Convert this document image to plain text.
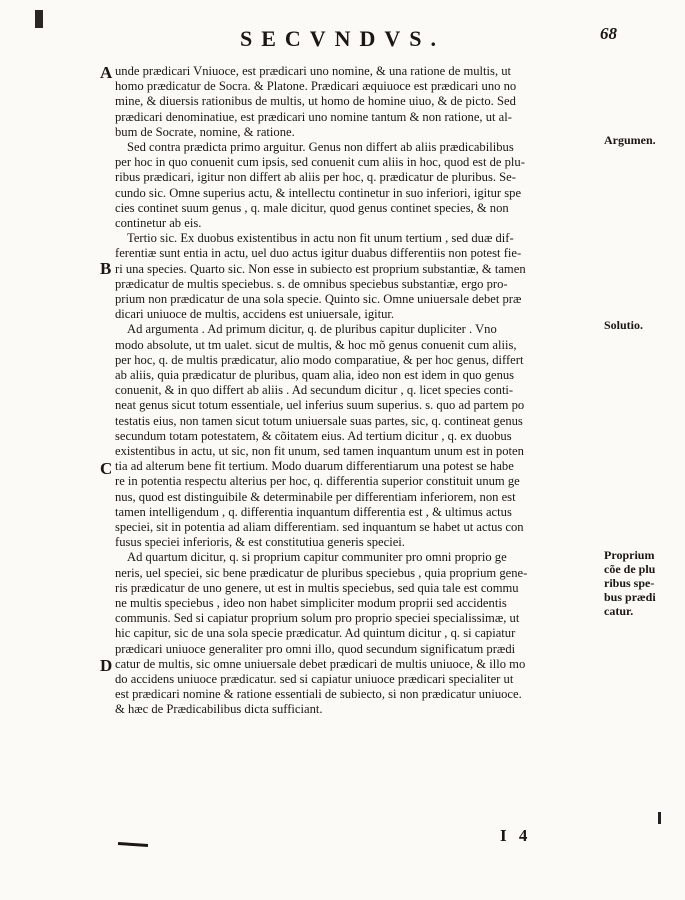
SECVNDVS.	68
A
B
C
D
Argumen.
Solutio.
Proprium
cõe de plu
ribus spe-
bus prædi
catur.
unde prædicari Vniuoce, est prædicari uno nomine, & una ratione de multis, ut
homo prædicatur de Socra. & Platone. Prædicari æquiuoce est prædicari uno no
mine, & diuersis rationibus de multis, ut homo de homine uiuo, & de picto. Sed
prædicari denominatiue, est prædicari uno nomine tantum & non ratione, ut al-
bum de Socrate, nomine, & ratione.
Sed contra prædicta primo arguitur. Genus non differt ab aliis prædicabilibus
per hoc in quo conuenit cum ipsis, sed conuenit cum aliis in hoc, quod est de plu-
ribus prædicari, igitur non differt ab aliis per hoc, q. prædicatur de pluribus. Se-
cundo sic. Omne superius actu, & intellectu continetur in suo inferiori, igitur spe
cies continet suum genus , q. male dicitur, quod genus continet species, & non
continetur ab eis.
Tertio sic. Ex duobus existentibus in actu non fit unum tertium , sed duæ dif-
ferentiæ sunt entia in actu, uel duo actus igitur duabus differentiis non potest fie-
ri una species. Quarto sic. Non esse in subiecto est proprium substantiæ, & tamen
prædicatur de multis speciebus. s. de omnibus speciebus substantiæ, ergo pro-
prium non prædicatur de una sola specie. Quinto sic. Omne uniuersale debet præ
dicari uniuoce de multis, accidens est uniuersale, igitur.
Ad argumenta . Ad primum dicitur, q. de pluribus capitur dupliciter . Vno
modo absolute, ut tm ualet. sicut de multis, & hoc mõ genus conuenit cum aliis,
per hoc, q. de multis prædicatur, alio modo comparatiue, & per hoc genus, differt
ab aliis, quia prædicatur de pluribus, quam alia, ideo non est idem in quo genus
conuenit, & in quo differt ab aliis . Ad secundum dicitur , q. licet species conti-
neat genus sicut totum essentiale, uel inferius suum superius. s. quo ad partem po
testatis eius, non tamen sicut totum uniuersale suas partes, sic, q. contineat genus
secundum totam potestatem, & cõitatem eius. Ad tertium dicitur , q. ex duobus
existentibus in actu, ut sic, non fit unum, sed tamen inquantum unum est in poten
tia ad alterum bene fit tertium. Modo duarum differentiarum una potest se habe
re in potentia respectu alterius per hoc, q. differentia superior constituit unum ge
nus, quod est distinguibile & determinabile per differentiam inferiorem, non est
tamen intelligendum , q. differentia inquantum differentia est , & ultimus actus
speciei, sit in potentia ad aliam differentiam. sed inquantum se habet ut actus con
fusus speciei inferioris, & est constitutiua generis speciei.
Ad quartum dicitur, q. si proprium capitur communiter pro omni proprio ge
neris, uel speciei, sic bene prædicatur de pluribus speciebus , quia proprium gene-
ris prædicatur de uno genere, ut est in multis speciebus, sed quia tale est commu
ne multis speciebus , ideo non habet simpliciter modum proprii sed accidentis
communis. Sed si capiatur proprium solum pro proprio speciei specialissimæ, ut
hic capitur, sic de una sola specie prædicatur. Ad quintum dicitur , q. si capiatur
prædicari uniuoce generaliter pro omni illo, quod secundum significatum prædi
catur de multis, sic omne uniuersale debet prædicari de multis uniuoce, & illo mo
do accidens uniuoce prædicatur. sed si capiatur uniuoce prædicari specialiter ut
est prædicari nomine & ratione essentiali de subiecto, si non prædicatur uniuoce.
& hæc de Prædicabilibus dicta sufficiant.
I 4
